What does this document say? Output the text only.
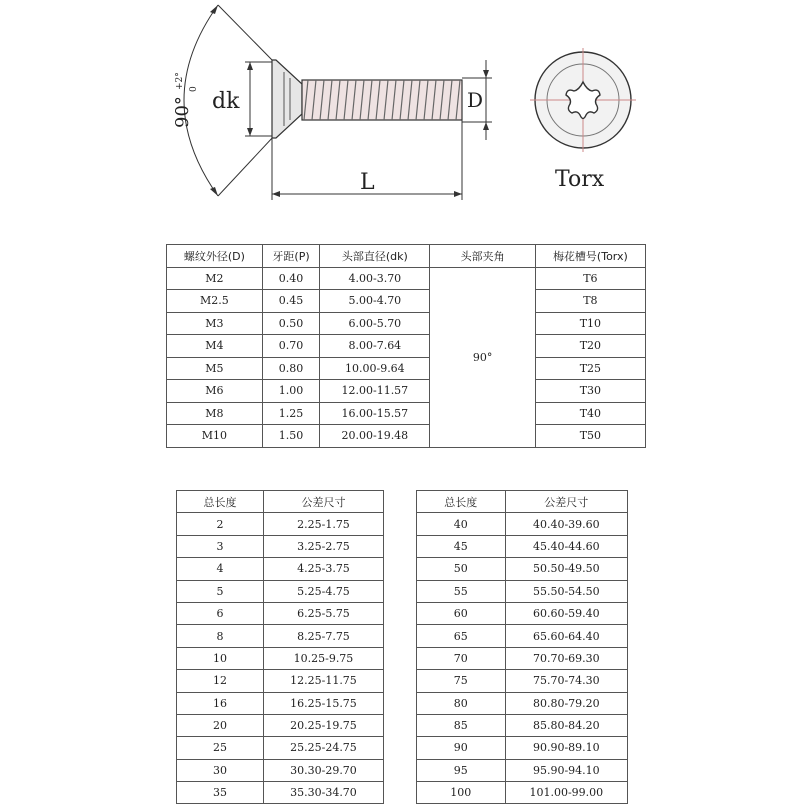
90°
+2° 0 dk	D
L	Torx
螺纹外径(D)	牙距(P)	头部直径(dk)	头部夹角	梅花槽号(Torx)
M2	0.40	4.00-3.70	90°	T6
M2.5	0.45	5.00-4.70		T8
M3	0.50	6.00-5.70		T10
M4	0.70	8.00-7.64		T20
M5	0.80	10.00-9.64		T25
M6	1.00	12.00-11.57		T30
M8	1.25	16.00-15.57		T40
M10	1.50	20.00-19.48		T50
总长度	公差尺寸
2	2.25-1.75
3	3.25-2.75
4	4.25-3.75
5	5.25-4.75
6	6.25-5.75
8	8.25-7.75
10	10.25-9.75
12	12.25-11.75
16	16.25-15.75
20	20.25-19.75
25	25.25-24.75
30	30.30-29.70
35	35.30-34.70
总长度	公差尺寸
40	40.40-39.60
45	45.40-44.60
50	50.50-49.50
55	55.50-54.50
60	60.60-59.40
65	65.60-64.40
70	70.70-69.30
75	75.70-74.30
80	80.80-79.20
85	85.80-84.20
90	90.90-89.10
95	95.90-94.10
100	101.00-99.00
